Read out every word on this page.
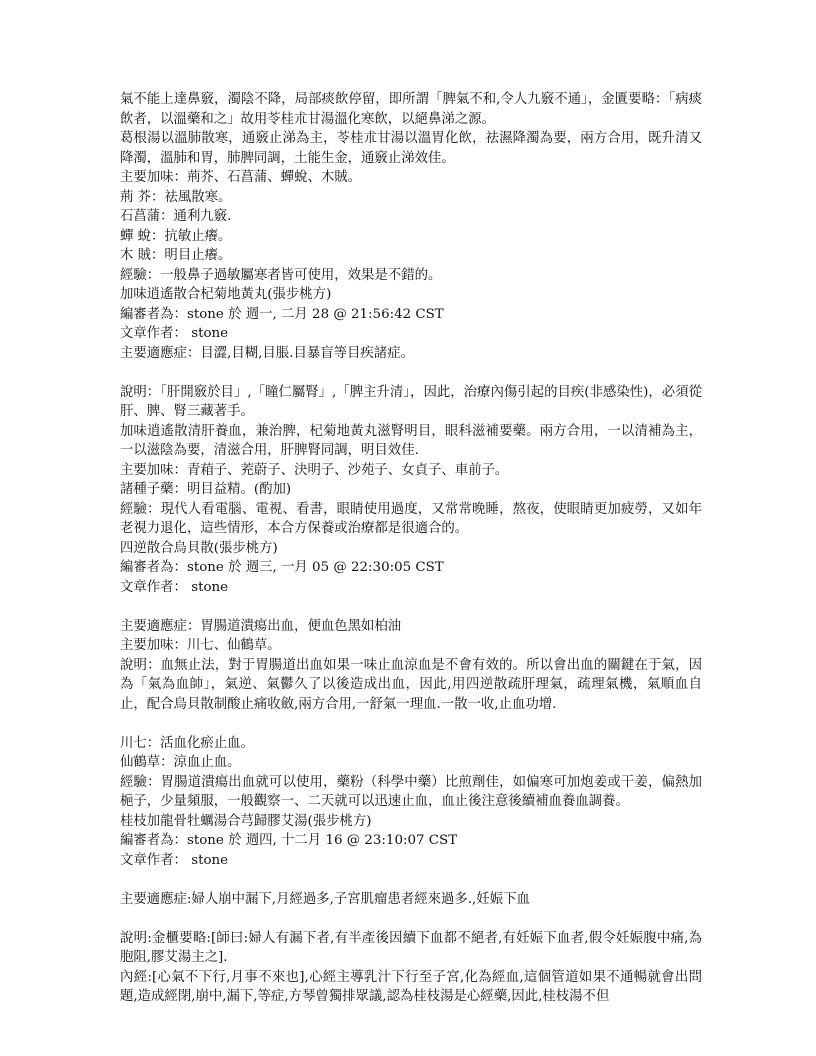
氣不能上達鼻竅，濁陰不降，局部痰飲停留，即所謂「脾氣不和,令人九竅不通」，金匱要略：「病痰飲者，以溫藥和之」故用苓桂朮甘湯溫化寒飲，以絕鼻涕之源。

葛根湯以溫肺散寒，通竅止涕為主，苓桂朮甘湯以溫胃化飲，祛濕降濁為要，兩方合用，既升清又降濁，溫肺和胃，肺脾同調，土能生金，通竅止涕效佳。

主要加味：荊芥、石菖蒲、蟬蛻、木賊。

荊 芥：祛風散寒。

石菖蒲：通利九竅.

蟬 蛻：抗敏止癢。

木 賊：明目止癢。

經驗：一般鼻子過敏屬寒者皆可使用，效果是不錯的。

加味逍遙散合杞菊地黃丸(張步桃方)

編審者為：stone 於 週一, 二月 28 @ 21:56:42 CST

文章作者： stone

主要適應症：目澀,目糊,目脹.目暴盲等目疾諸症。

說明：「肝開竅於目」,「瞳仁屬腎」,「脾主升清」，因此，治療內傷引起的目疾(非感染性)，必須從肝、脾、腎三藏著手。

加味逍遙散清肝養血，兼治脾，杞菊地黃丸滋腎明目，眼科滋補要藥。兩方合用，一以清補為主，一以滋陰為要，清滋合用，肝脾腎同調，明目效佳.

主要加味：青葙子、茺蔚子、決明子、沙苑子、女貞子、車前子。

諸種子藥：明目益精。(酌加)

經驗：現代人看電腦、電視、看書，眼睛使用過度，又常常晚睡，熬夜，使眼睛更加疲勞，又如年老視力退化，這些情形，本合方保養或治療都是很適合的。

四逆散合烏貝散(張步桃方)

編審者為：stone 於 週三, 一月 05 @ 22:30:05 CST

文章作者： stone

主要適應症：胃腸道潰瘍出血，便血色黑如柏油

主要加味：川七、仙鶴草。

說明：血無止法，對于胃腸道出血如果一味止血涼血是不會有效的。所以會出血的關鍵在于氣，因為「氣為血帥」，氣逆、氣鬱久了以後造成出血，因此,用四逆散疏肝理氣，疏理氣機，氣順血自止，配合烏貝散制酸止痛收斂,兩方合用,一舒氣一理血.一散一收,止血功增.

川七：活血化瘀止血。

仙鶴草：涼血止血。

經驗：胃腸道潰瘍出血就可以使用，藥粉（科學中藥）比煎劑佳，如偏寒可加炮姜或干姜，偏熱加梔子，少量頻服，一般觀察一、二天就可以迅速止血，血止後注意後續補血養血調養。

桂枝加龍骨牡蠣湯合芎歸膠艾湯(張步桃方)

編審者為：stone 於 週四, 十二月 16 @ 23:10:07 CST

文章作者： stone

主要適應症:婦人崩中漏下,月經過多,子宮肌瘤患者經來過多.,妊娠下血

說明:金櫃要略:[師曰:婦人有漏下者,有半產後因續下血都不絕者,有妊娠下血者,假令妊娠腹中痛,為胞阻,膠艾湯主之].

內經:[心氣不下行,月事不來也],心經主導乳汁下行至子宮,化為經血,這個管道如果不通暢就會出問題,造成經閉,崩中,漏下,等症,方琴曾獨排眾議,認為桂枝湯是心經藥,因此,桂枝湯不但
